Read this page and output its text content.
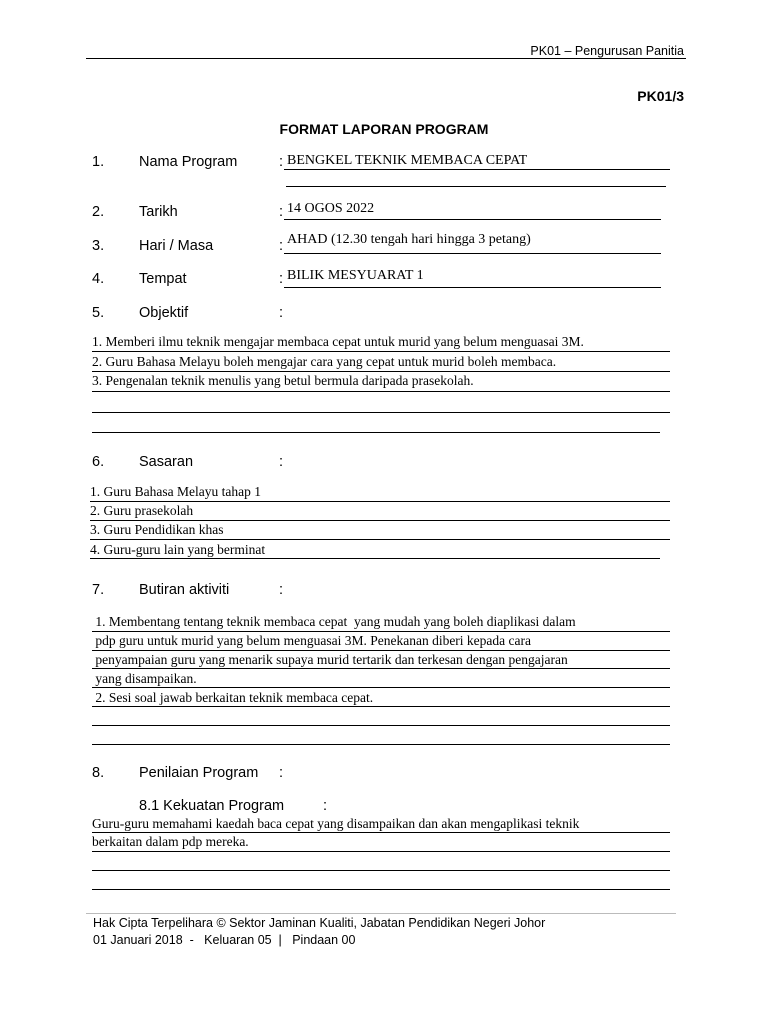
PK01 – Pengurusan Panitia
PK01/3
FORMAT LAPORAN PROGRAM
1. Nama Program	: BENGKEL TEKNIK MEMBACA CEPAT
2. Tarikh	: 14 OGOS 2022
3. Hari / Masa	: AHAD (12.30 tengah hari hingga 3 petang)
4. Tempat	: BILIK MESYUARAT 1
5. Objektif	:
1. Memberi ilmu teknik mengajar membaca cepat untuk murid yang belum menguasai 3M.
2. Guru Bahasa Melayu boleh mengajar cara yang cepat untuk murid boleh membaca.
3. Pengenalan teknik menulis yang betul bermula daripada prasekolah.
6. Sasaran	:
1. Guru Bahasa Melayu tahap 1
2. Guru prasekolah
3. Guru Pendidikan khas
4. Guru-guru lain yang berminat
7. Butiran aktiviti	:
1. Membentang tentang teknik membaca cepat  yang mudah yang boleh diaplikasi dalam
pdp guru untuk murid yang belum menguasai 3M. Penekanan diberi kepada cara
penyampaian guru yang menarik supaya murid tertarik dan terkesan dengan pengajaran
yang disampaikan.
2. Sesi soal jawab berkaitan teknik membaca cepat.
8. Penilaian Program :
8.1 Kekuatan Program	:
Guru-guru memahami kaedah baca cepat yang disampaikan dan akan mengaplikasi teknik
berkaitan dalam pdp mereka.
Hak Cipta Terpelihara © Sektor Jaminan Kualiti, Jabatan Pendidikan Negeri Johor
01 Januari 2018  -   Keluaran 05  |   Pindaan 00
